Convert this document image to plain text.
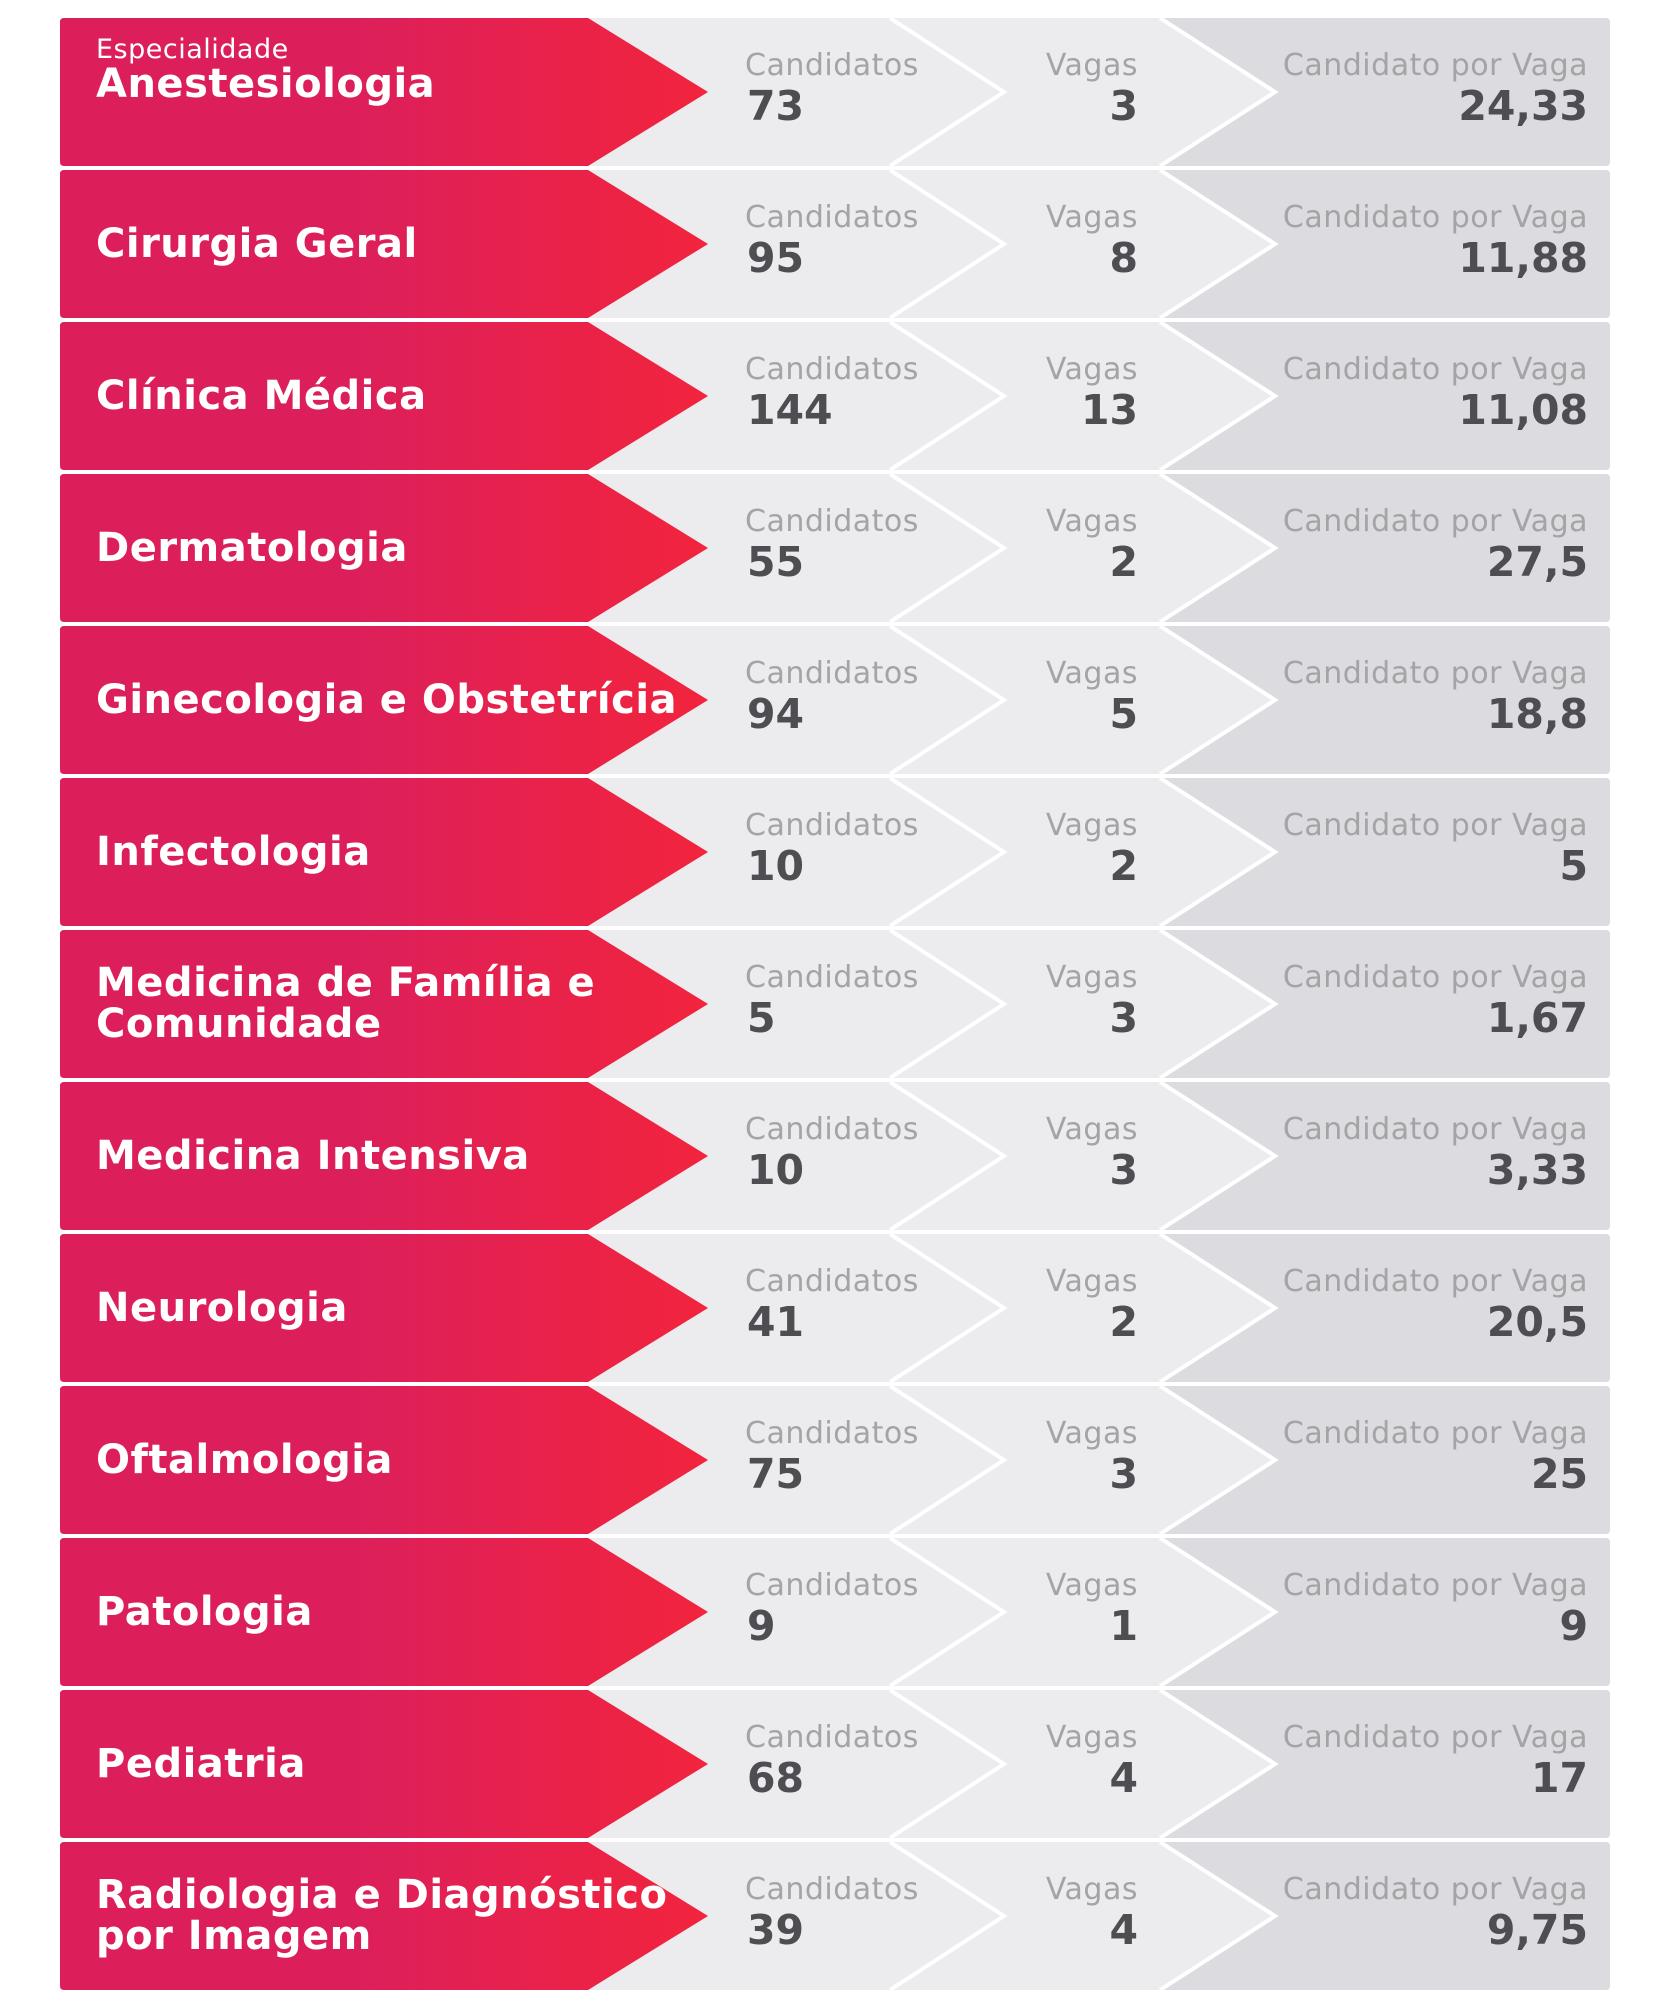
Especialidade
Anestesiologia	Candidatos
73
Vagas
3
Candidato por Vaga
24,33
Cirurgia Geral
Candidatos
95
Vagas
8
Candidato por Vaga
11,88
Clínica Médica
Candidatos
144
Vagas
13
Candidato por Vaga
11,08
Dermatologia
Candidatos
55
Vagas
2
Candidato por Vaga
27,5
Ginecologia e Obstetrícia
Candidatos
94
Vagas
5
Candidato por Vaga
18,8
Infectologia
Candidatos
10
Vagas
2
Candidato por Vaga
5
Medicina de Família e Comunidade
Candidatos
5
Vagas
3
Candidato por Vaga
1,67
Medicina Intensiva
Candidatos
10
Vagas
3
Candidato por Vaga
3,33
Neurologia
Candidatos
41
Vagas
2
Candidato por Vaga
20,5
Oftalmologia
Candidatos
75
Vagas
3
Candidato por Vaga
25
Patologia
Candidatos
9
Vagas
1
Candidato por Vaga
9
Pediatria
Candidatos
68
Vagas
4
Candidato por Vaga
17
Radiologia e Diagnóstico por Imagem
Candidatos
39
Vagas
4
Candidato por Vaga
9,75
